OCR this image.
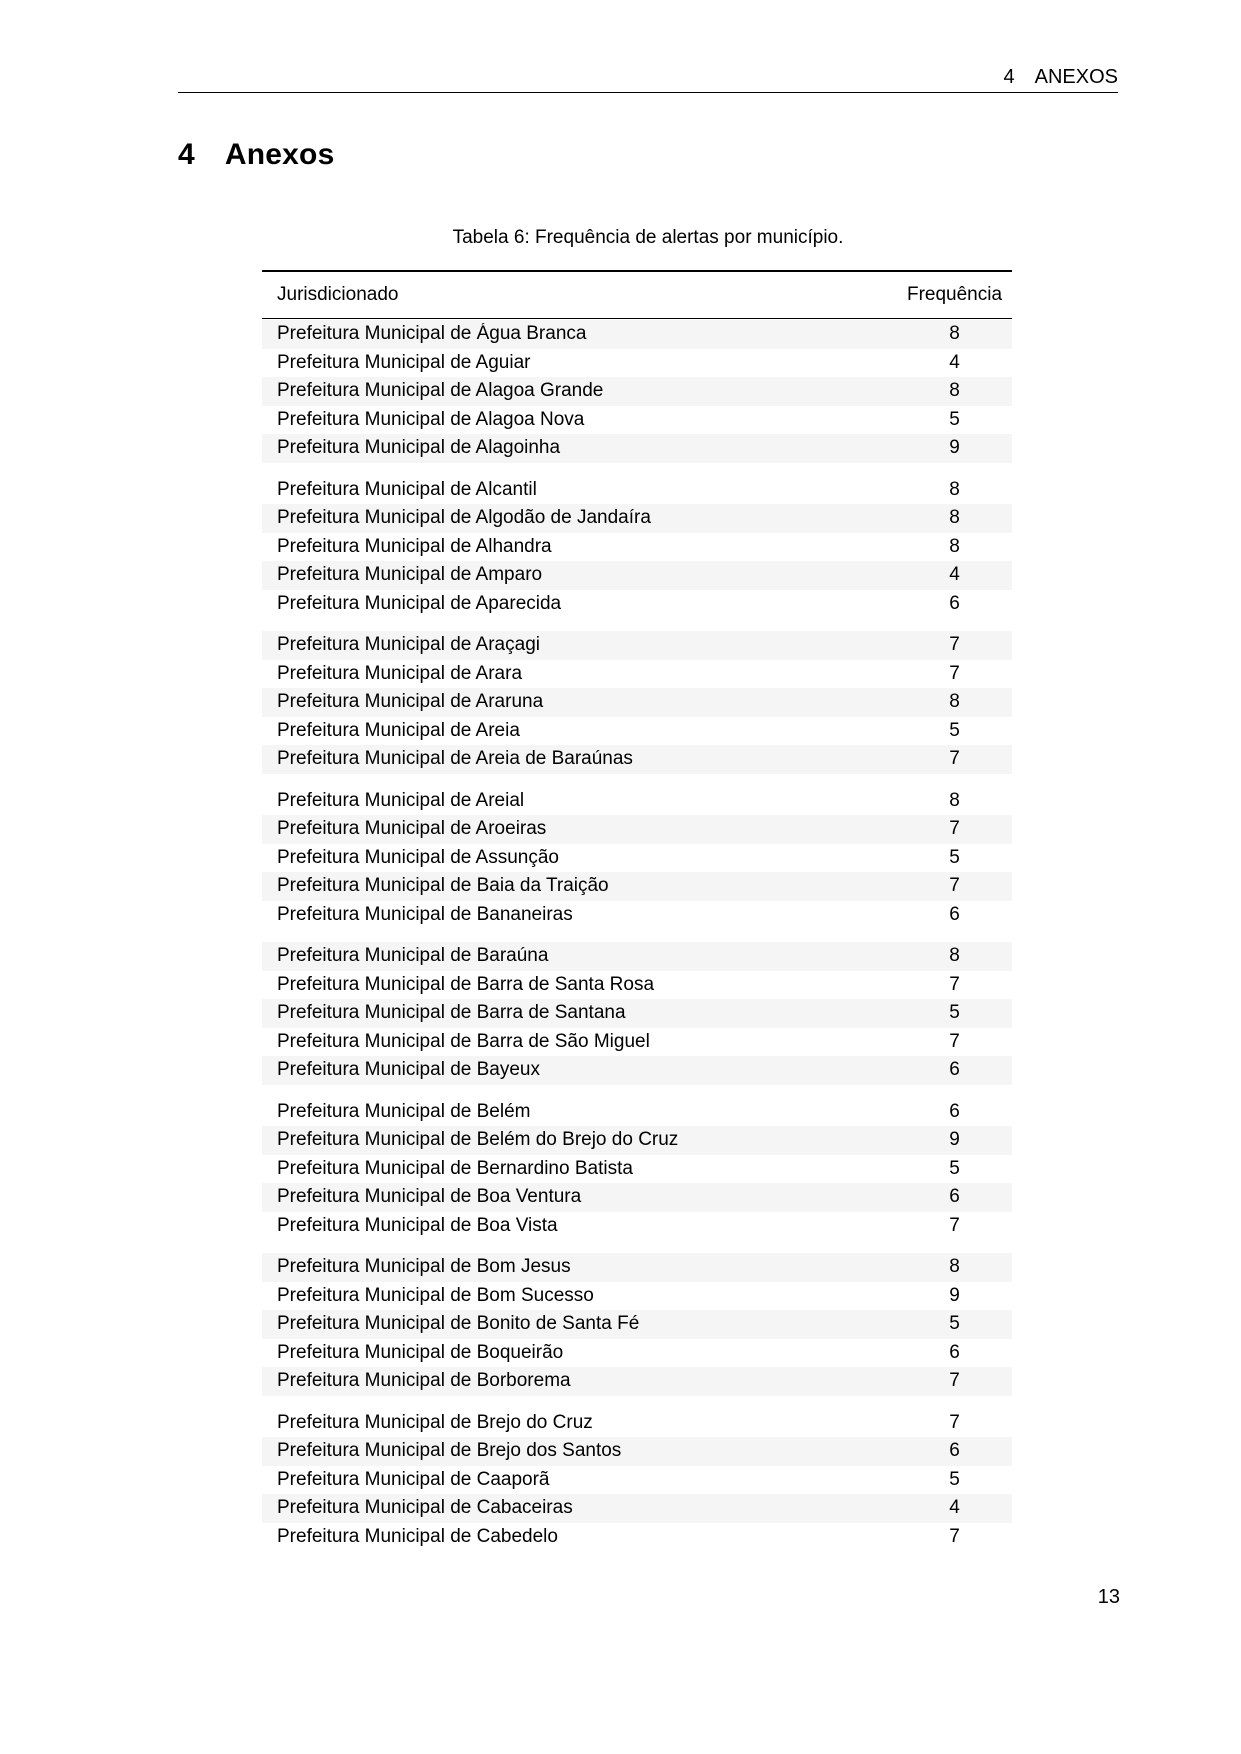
4 ANEXOS
4 Anexos
Tabela 6: Frequência de alertas por município.
Jurisdicionado	Frequência
Prefeitura Municipal de Água Branca	8
Prefeitura Municipal de Aguiar	4
Prefeitura Municipal de Alagoa Grande	8
Prefeitura Municipal de Alagoa Nova	5
Prefeitura Municipal de Alagoinha	9
Prefeitura Municipal de Alcantil	8
Prefeitura Municipal de Algodão de Jandaíra	8
Prefeitura Municipal de Alhandra	8
Prefeitura Municipal de Amparo	4
Prefeitura Municipal de Aparecida	6
Prefeitura Municipal de Araçagi	7
Prefeitura Municipal de Arara	7
Prefeitura Municipal de Araruna	8
Prefeitura Municipal de Areia	5
Prefeitura Municipal de Areia de Baraúnas	7
Prefeitura Municipal de Areial	8
Prefeitura Municipal de Aroeiras	7
Prefeitura Municipal de Assunção	5
Prefeitura Municipal de Baia da Traição	7
Prefeitura Municipal de Bananeiras	6
Prefeitura Municipal de Baraúna	8
Prefeitura Municipal de Barra de Santa Rosa	7
Prefeitura Municipal de Barra de Santana	5
Prefeitura Municipal de Barra de São Miguel	7
Prefeitura Municipal de Bayeux	6
Prefeitura Municipal de Belém	6
Prefeitura Municipal de Belém do Brejo do Cruz	9
Prefeitura Municipal de Bernardino Batista	5
Prefeitura Municipal de Boa Ventura	6
Prefeitura Municipal de Boa Vista	7
Prefeitura Municipal de Bom Jesus	8
Prefeitura Municipal de Bom Sucesso	9
Prefeitura Municipal de Bonito de Santa Fé	5
Prefeitura Municipal de Boqueirão	6
Prefeitura Municipal de Borborema	7
Prefeitura Municipal de Brejo do Cruz	7
Prefeitura Municipal de Brejo dos Santos	6
Prefeitura Municipal de Caaporã	5
Prefeitura Municipal de Cabaceiras	4
Prefeitura Municipal de Cabedelo	7
13
